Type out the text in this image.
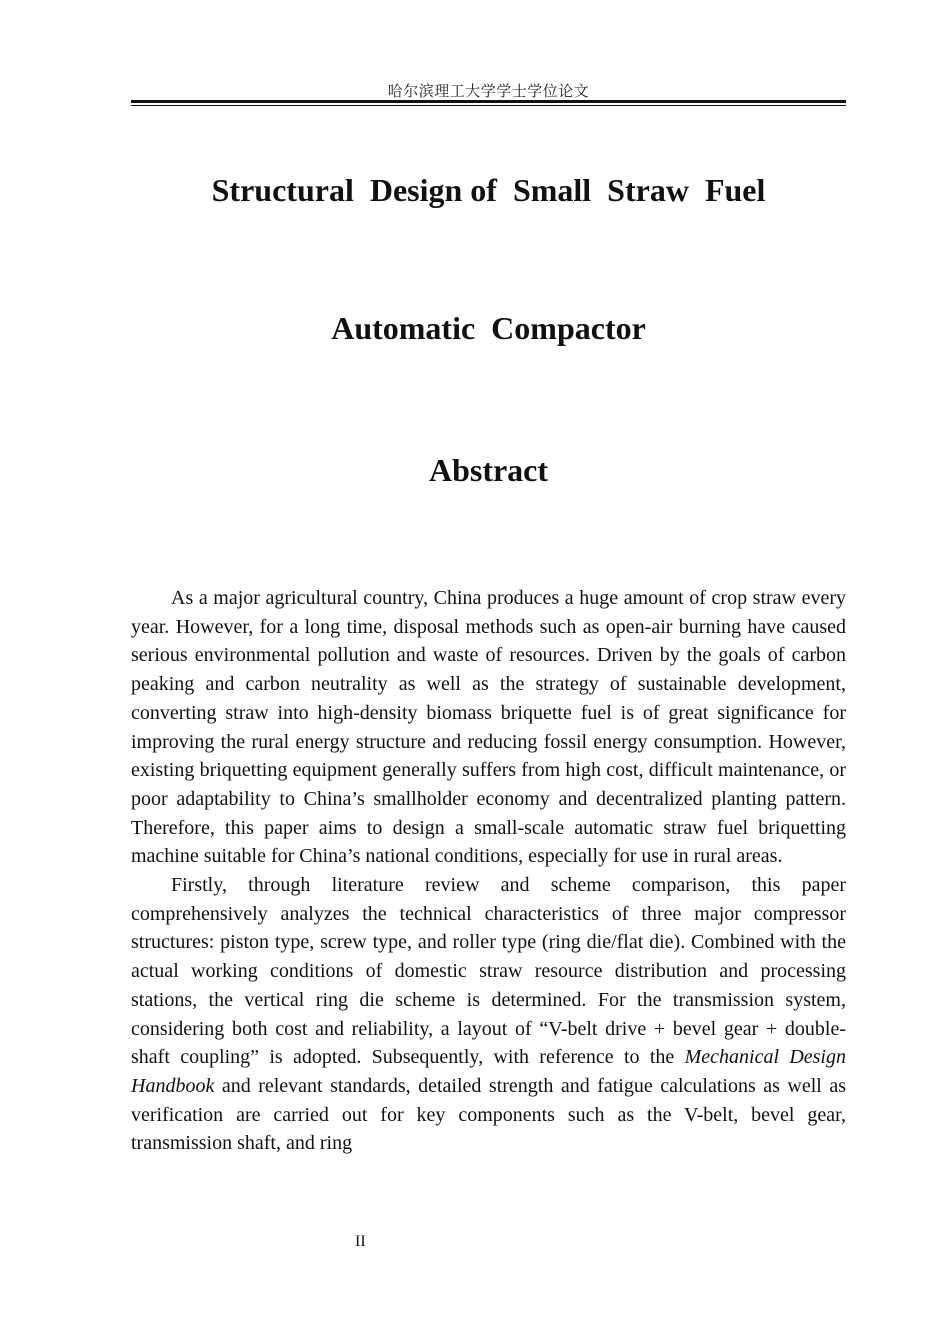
哈尔滨理工大学学士学位论文
Structural  Design of  Small  Straw  Fuel
Automatic  Compactor
Abstract

As a major agricultural country, China produces a huge amount of crop straw every year. However, for a long time, disposal methods such as open-air burning have caused serious environmental pollution and waste of resources. Driven by the goals of carbon peaking and carbon neutrality as well as the strategy of sustainable development, converting straw into high-density biomass briquette fuel is of great significance for improving the rural energy structure and reducing fossil energy consumption. However, existing briquetting equipment generally suffers from high cost, difficult maintenance, or poor adaptability to China’s smallholder economy and decentralized planting pattern. Therefore, this paper aims to design a small-scale automatic straw fuel briquetting machine suitable for China’s national conditions, especially for use in rural areas.

Firstly, through literature review and scheme comparison, this paper comprehensively analyzes the technical characteristics of three major compressor structures: piston type, screw type, and roller type (ring die/flat die). Combined with the actual working conditions of domestic straw resource distribution and processing stations, the vertical ring die scheme is determined. For the transmission system, considering both cost and reliability, a layout of “V-belt drive + bevel gear + double-shaft coupling” is adopted. Subsequently, with reference to the Mechanical Design Handbook and relevant standards, detailed strength and fatigue calculations as well as verification are carried out for key components such as the V-belt, bevel gear, transmission shaft, and ring

II
